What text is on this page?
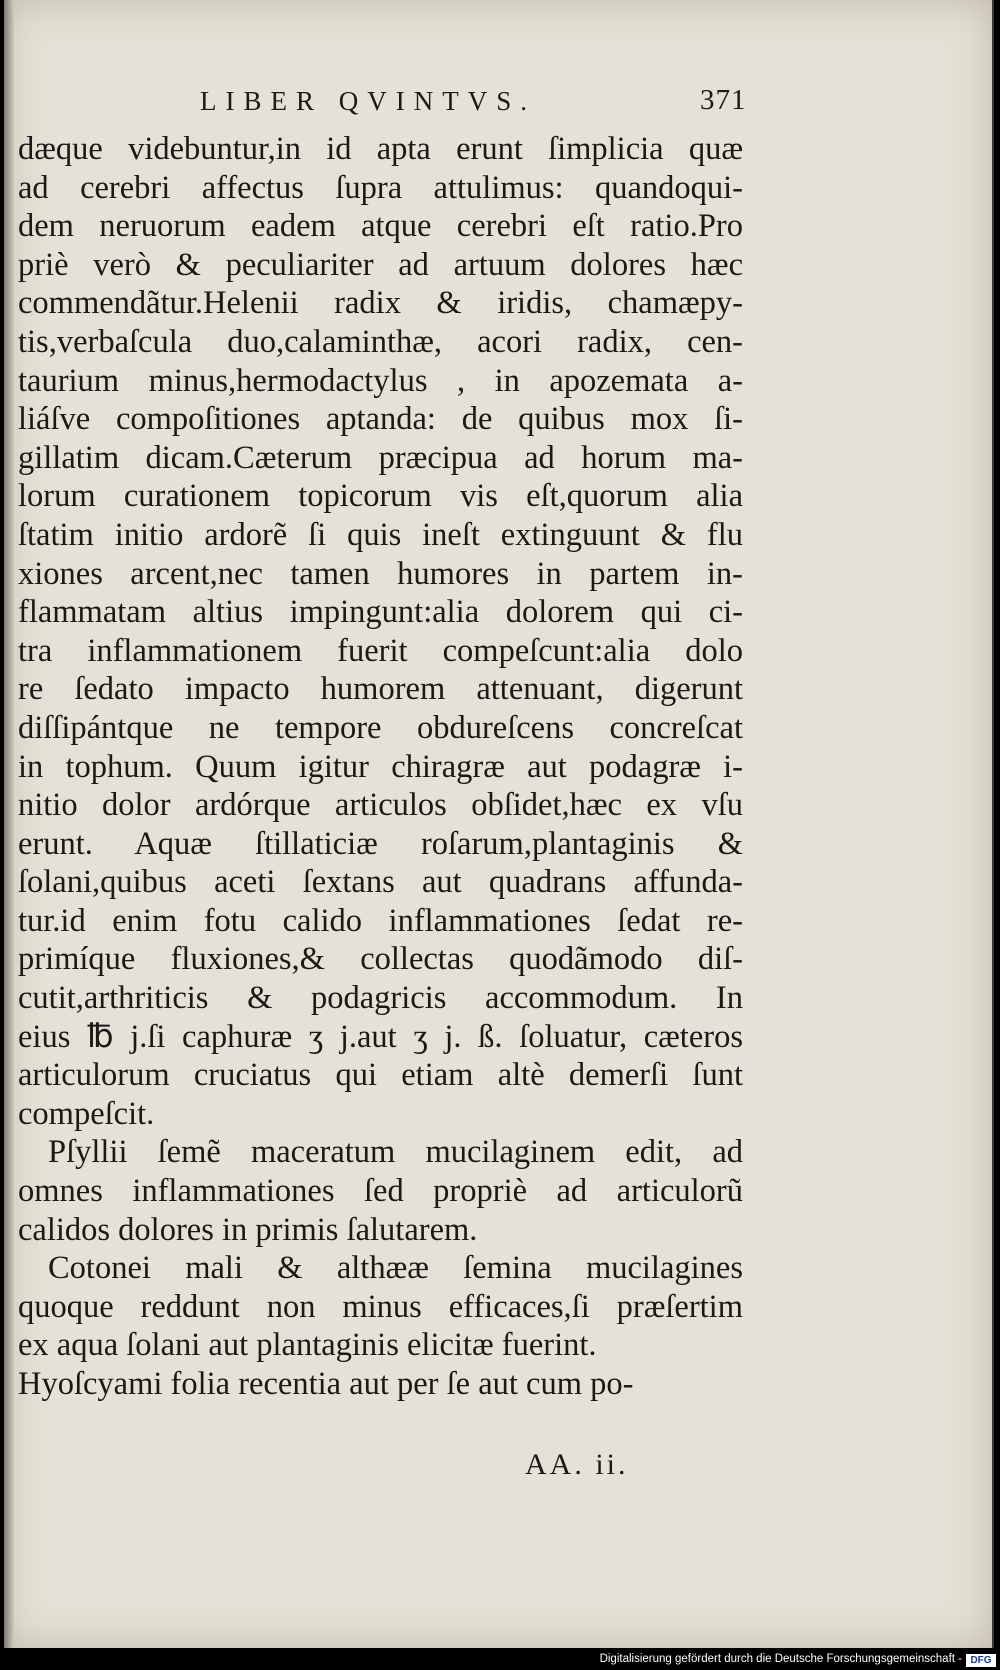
LIBER QVINTVS.	371
dæque videbuntur,in id apta erunt ſimplicia quæ
ad cerebri affectus ſupra attulimus: quandoqui-
dem neruorum eadem atque cerebri eſt ratio.Pro
priè verò & peculiariter ad artuum dolores hæc
commendãtur.Helenii radix & iridis, chamæpy-
tis,verbaſcula duo,calaminthæ, acori radix, cen-
taurium minus,hermodactylus , in apozemata a-
liáſve compoſitiones aptanda: de quibus mox ſi-
gillatim dicam.Cæterum præcipua ad horum ma-
lorum curationem topicorum vis eſt,quorum alia
ſtatim initio ardorẽ ſi quis ineſt extinguunt & flu
xiones arcent,nec tamen humores in partem in-
flammatam altius impingunt:alia dolorem qui ci-
tra inflammationem fuerit compeſcunt:alia dolo
re ſedato impacto humorem attenuant, digerunt
diſſipántque ne tempore obdureſcens concreſcat
in tophum. Quum igitur chiragræ aut podagræ i-
nitio dolor ardórque articulos obſidet,hæc ex vſu
erunt. Aquæ ſtillaticiæ roſarum,plantaginis &
ſolani,quibus aceti ſextans aut quadrans affunda-
tur.id enim fotu calido inflammationes ſedat re-
primíque fluxiones,& collectas quodãmodo diſ-
cutit,arthriticis & podagricis accommodum. In
eius ℔ j.ſi caphuræ ʒ j.aut ʒ j. ß. ſoluatur, cæteros
articulorum cruciatus qui etiam altè demerſi ſunt
compeſcit.
Pſyllii ſemẽ maceratum mucilaginem edit, ad
omnes inflammationes ſed propriè ad articulorũ
calidos dolores in primis ſalutarem.
Cotonei mali & althææ ſemina mucilagines
quoque reddunt non minus efficaces,ſi præſertim
ex aqua ſolani aut plantaginis elicitæ fuerint.
Hyoſcyami folia recentia aut per ſe aut cum po-
AA. ii.
Digitalisierung gefördert durch die Deutsche Forschungsgemeinschaft - DFG
